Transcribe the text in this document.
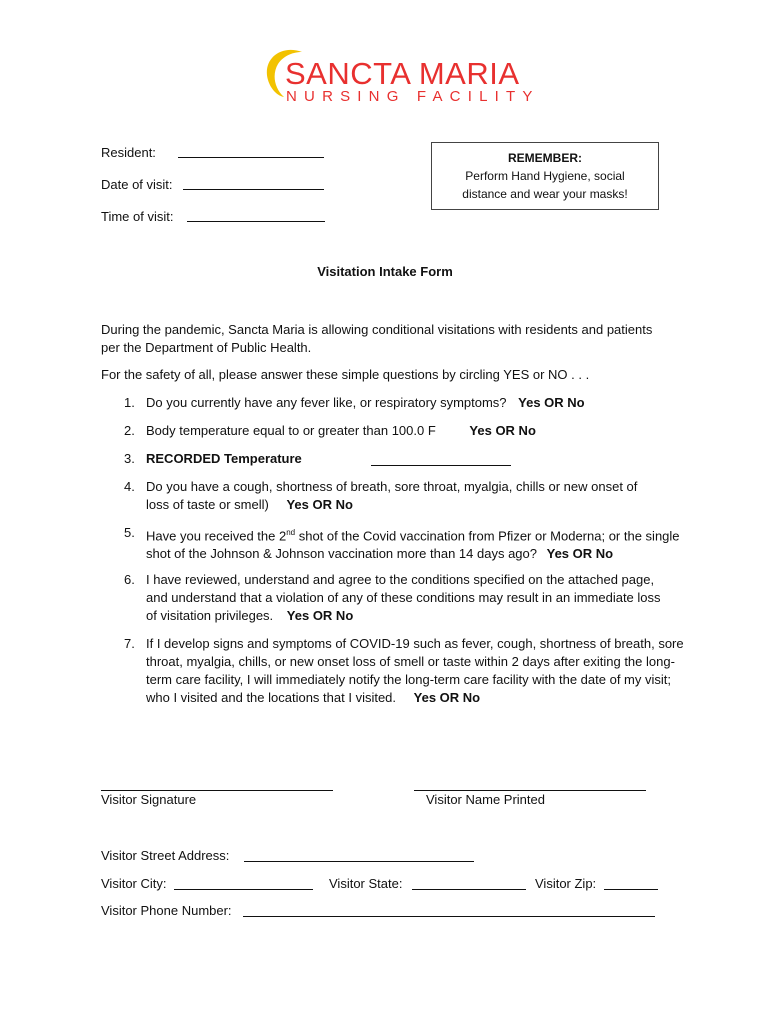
SANCTA MARIA
NURSING FACILITY
Resident:
Date of visit:
Time of visit:
REMEMBER:
Perform Hand Hygiene, social
distance and wear your masks!
Visitation Intake Form
During the pandemic, Sancta Maria is allowing conditional visitations with residents and patients per the Department of Public Health.
For the safety of all, please answer these simple questions by circling YES or NO . . .
1. Do you currently have any fever like, or respiratory symptoms? Yes OR No
2. Body temperature equal to or greater than 100.0 F	Yes OR No
3. RECORDED Temperature
4. Do you have a cough, shortness of breath, sore throat, myalgia, chills or new onset of loss of taste or smell) Yes OR No
5. Have you received the 2nd shot of the Covid vaccination from Pfizer or Moderna; or the single shot of the Johnson & Johnson vaccination more than 14 days ago? Yes OR No
6. I have reviewed, understand and agree to the conditions specified on the attached page, and understand that a violation of any of these conditions may result in an immediate loss of visitation privileges. Yes OR No
7. If I develop signs and symptoms of COVID-19 such as fever, cough, shortness of breath, sore throat, myalgia, chills, or new onset loss of smell or taste within 2 days after exiting the long-term care facility, I will immediately notify the long-term care facility with the date of my visit; who I visited and the locations that I visited. Yes OR No
Visitor Signature	Visitor Name Printed
Visitor Street Address:
Visitor City:	Visitor State:	Visitor Zip:
Visitor Phone Number:
